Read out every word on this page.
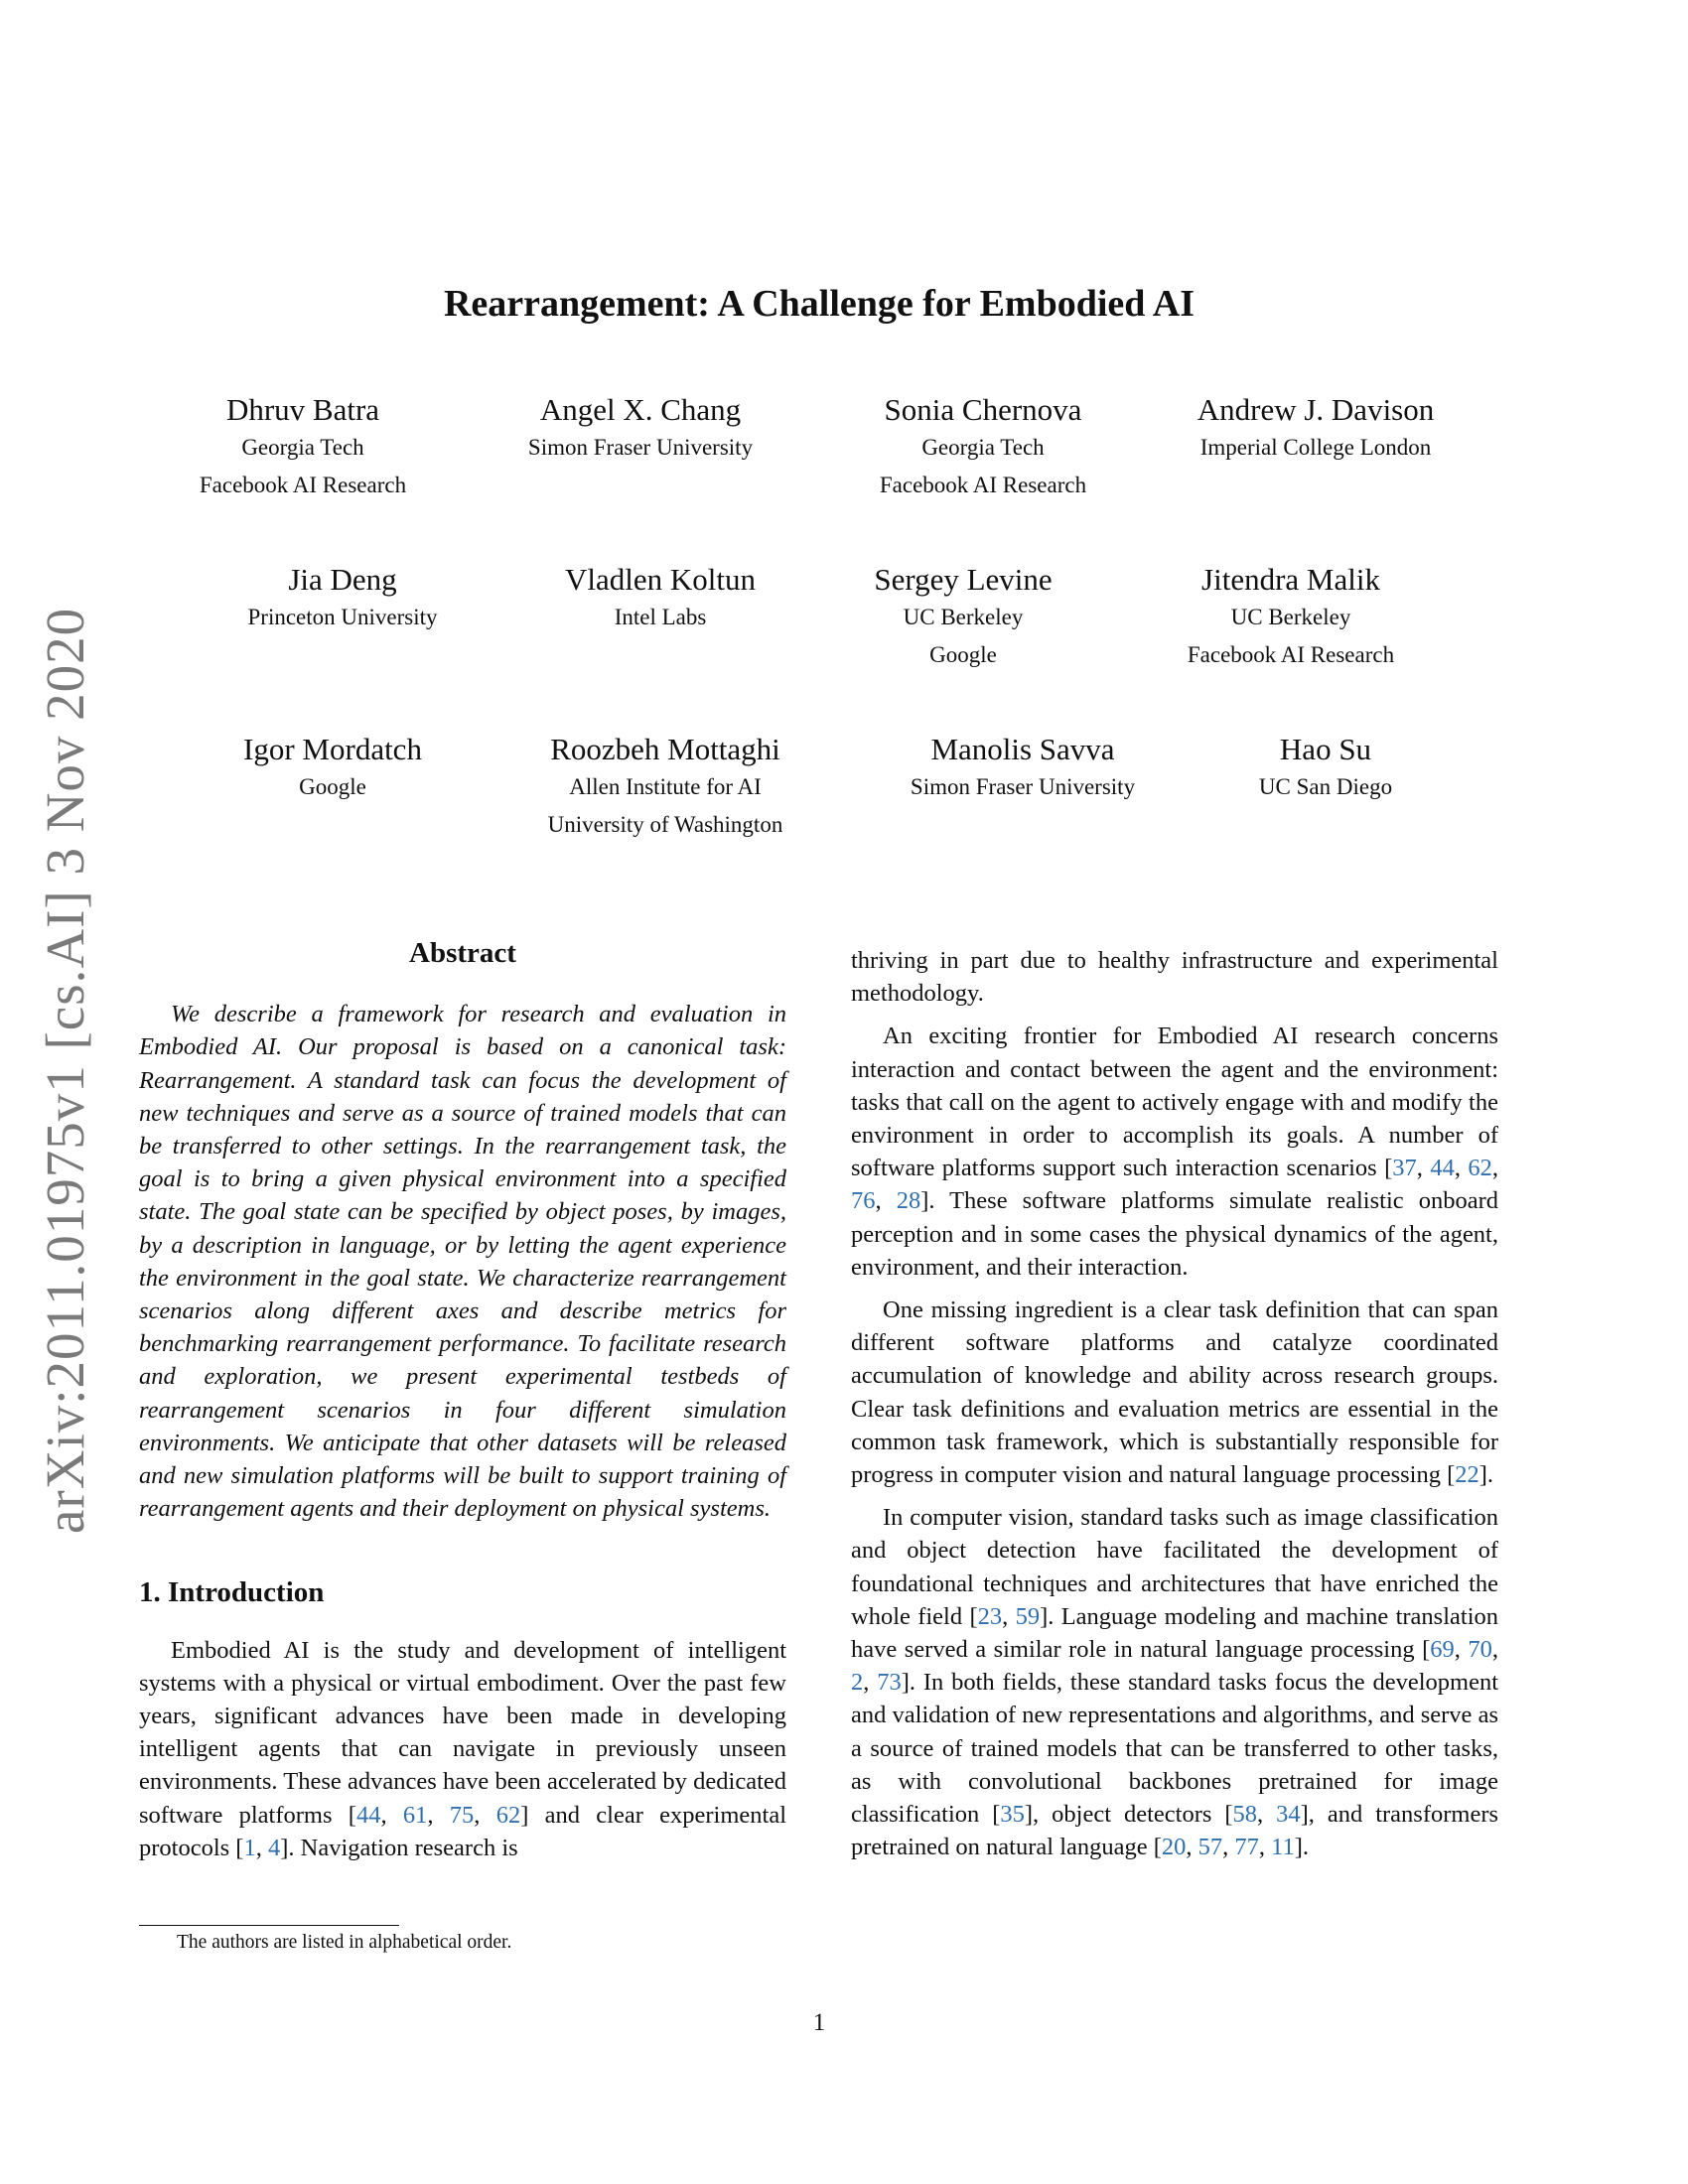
arXiv:2011.01975v1 [cs.AI] 3 Nov 2020
Rearrangement: A Challenge for Embodied AI
Dhruv Batra
Georgia Tech
Facebook AI Research
Angel X. Chang
Simon Fraser University
Sonia Chernova
Georgia Tech
Facebook AI Research
Andrew J. Davison
Imperial College London
Jia Deng
Princeton University
Vladlen Koltun
Intel Labs
Sergey Levine
UC Berkeley
Google
Jitendra Malik
UC Berkeley
Facebook AI Research
Igor Mordatch
Google
Roozbeh Mottaghi
Allen Institute for AI
University of Washington
Manolis Savva
Simon Fraser University
Hao Su
UC San Diego
Abstract

We describe a framework for research and evaluation in Embodied AI. Our proposal is based on a canonical task: Rearrangement. A standard task can focus the development of new techniques and serve as a source of trained models that can be transferred to other settings. In the rearrangement task, the goal is to bring a given physical environment into a specified state. The goal state can be specified by object poses, by images, by a description in language, or by letting the agent experience the environment in the goal state. We characterize rearrangement scenarios along different axes and describe metrics for benchmarking rearrangement performance. To facilitate research and exploration, we present experimental testbeds of rearrangement scenarios in four different simulation environments. We anticipate that other datasets will be released and new simulation platforms will be built to support training of rearrangement agents and their deployment on physical systems.

1. Introduction

Embodied AI is the study and development of intelligent systems with a physical or virtual embodiment. Over the past few years, significant advances have been made in developing intelligent agents that can navigate in previously unseen environments. These advances have been accelerated by dedicated software platforms [44, 61, 75, 62] and clear experimental protocols [1, 4]. Navigation research is

thriving in part due to healthy infrastructure and experimental methodology.

An exciting frontier for Embodied AI research concerns interaction and contact between the agent and the environment: tasks that call on the agent to actively engage with and modify the environment in order to accomplish its goals. A number of software platforms support such interaction scenarios [37, 44, 62, 76, 28]. These software platforms simulate realistic onboard perception and in some cases the physical dynamics of the agent, environment, and their interaction.

One missing ingredient is a clear task definition that can span different software platforms and catalyze coordinated accumulation of knowledge and ability across research groups. Clear task definitions and evaluation metrics are essential in the common task framework, which is substantially responsible for progress in computer vision and natural language processing [22].

In computer vision, standard tasks such as image classification and object detection have facilitated the development of foundational techniques and architectures that have enriched the whole field [23, 59]. Language modeling and machine translation have served a similar role in natural language processing [69, 70, 2, 73]. In both fields, these standard tasks focus the development and validation of new representations and algorithms, and serve as a source of trained models that can be transferred to other tasks, as with convolutional backbones pretrained for image classification [35], object detectors [58, 34], and transformers pretrained on natural language [20, 57, 77, 11].

The authors are listed in alphabetical order.
1
